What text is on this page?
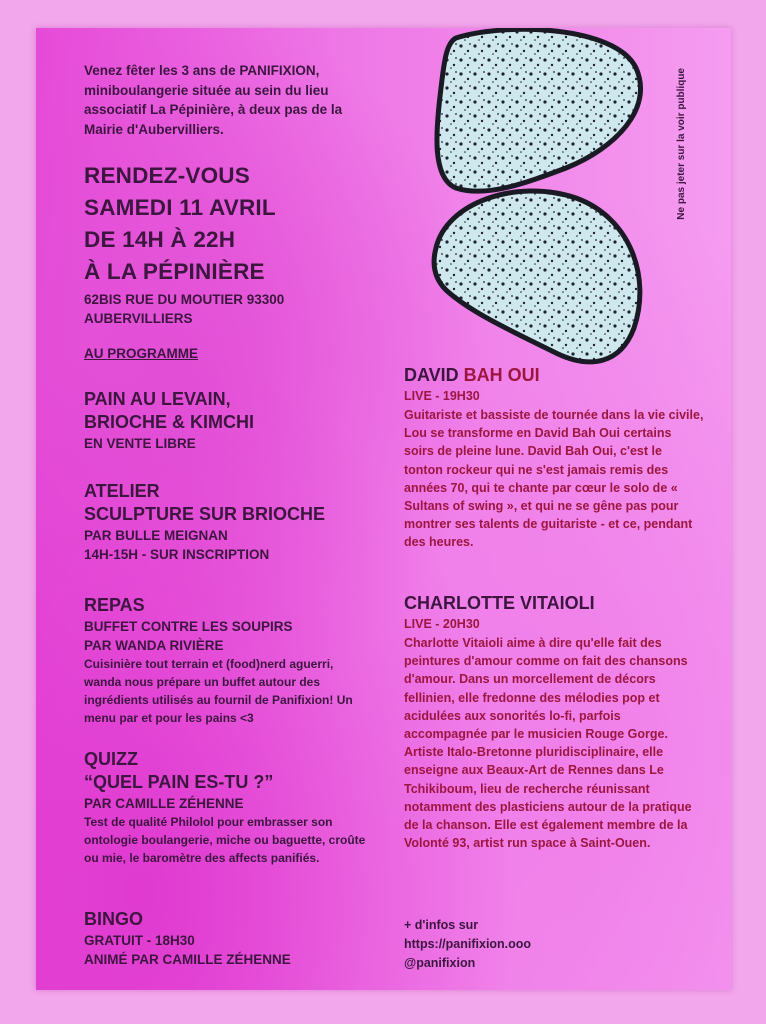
Ne pas jeter sur la voir publique

Venez fêter les 3 ans de PANIFIXION, miniboulangerie située au sein du lieu associatif La Pépinière, à deux pas de la Mairie d'Aubervilliers.

RENDEZ-VOUS
SAMEDI 11 AVRIL
DE 14H À 22H
À LA PÉPINIÈRE
62BIS RUE DU MOUTIER 93300
AUBERVILLIERS
AU PROGRAMME
PAIN AU LEVAIN,
BRIOCHE & KIMCHI
EN VENTE LIBRE
ATELIER
SCULPTURE SUR BRIOCHE
PAR BULLE MEIGNAN
14H-15H - SUR INSCRIPTION
REPAS
BUFFET CONTRE LES SOUPIRS
PAR WANDA RIVIÈRE
Cuisinière tout terrain et (food)nerd aguerri, wanda nous prépare un buffet autour des ingrédients utilisés au fournil de Panifixion! Un menu par et pour les pains <3
QUIZZ
“QUEL PAIN ES-TU ?”
PAR CAMILLE ZÉHENNE
Test de qualité Philolol pour embrasser son ontologie boulangerie, miche ou baguette, croûte ou mie, le baromètre des affects panifiés.
BINGO
GRATUIT - 18H30
ANIMÉ PAR CAMILLE ZÉHENNE
DAVID BAH OUI
LIVE - 19H30
Guitariste et bassiste de tournée dans la vie civile, Lou se transforme en David Bah Oui certains soirs de pleine lune. David Bah Oui, c'est le tonton rockeur qui ne s'est jamais remis des années 70, qui te chante par cœur le solo de « Sultans of swing », et qui ne se gêne pas pour montrer ses talents de guitariste - et ce, pendant des heures.
CHARLOTTE VITAIOLI
LIVE - 20H30
Charlotte Vitaioli aime à dire qu'elle fait des peintures d'amour comme on fait des chansons d'amour. Dans un morcellement de décors fellinien, elle fredonne des mélodies pop et acidulées aux sonorités lo-fi, parfois accompagnée par le musicien Rouge Gorge. Artiste Italo-Bretonne pluridisciplinaire, elle enseigne aux Beaux-Art de Rennes dans Le Tchikiboum, lieu de recherche réunissant notamment des plasticiens autour de la pratique de la chanson. Elle est également membre de la Volonté 93, artist run space à Saint-Ouen.
+ d'infos sur
https://panifixion.ooo
@panifixion
